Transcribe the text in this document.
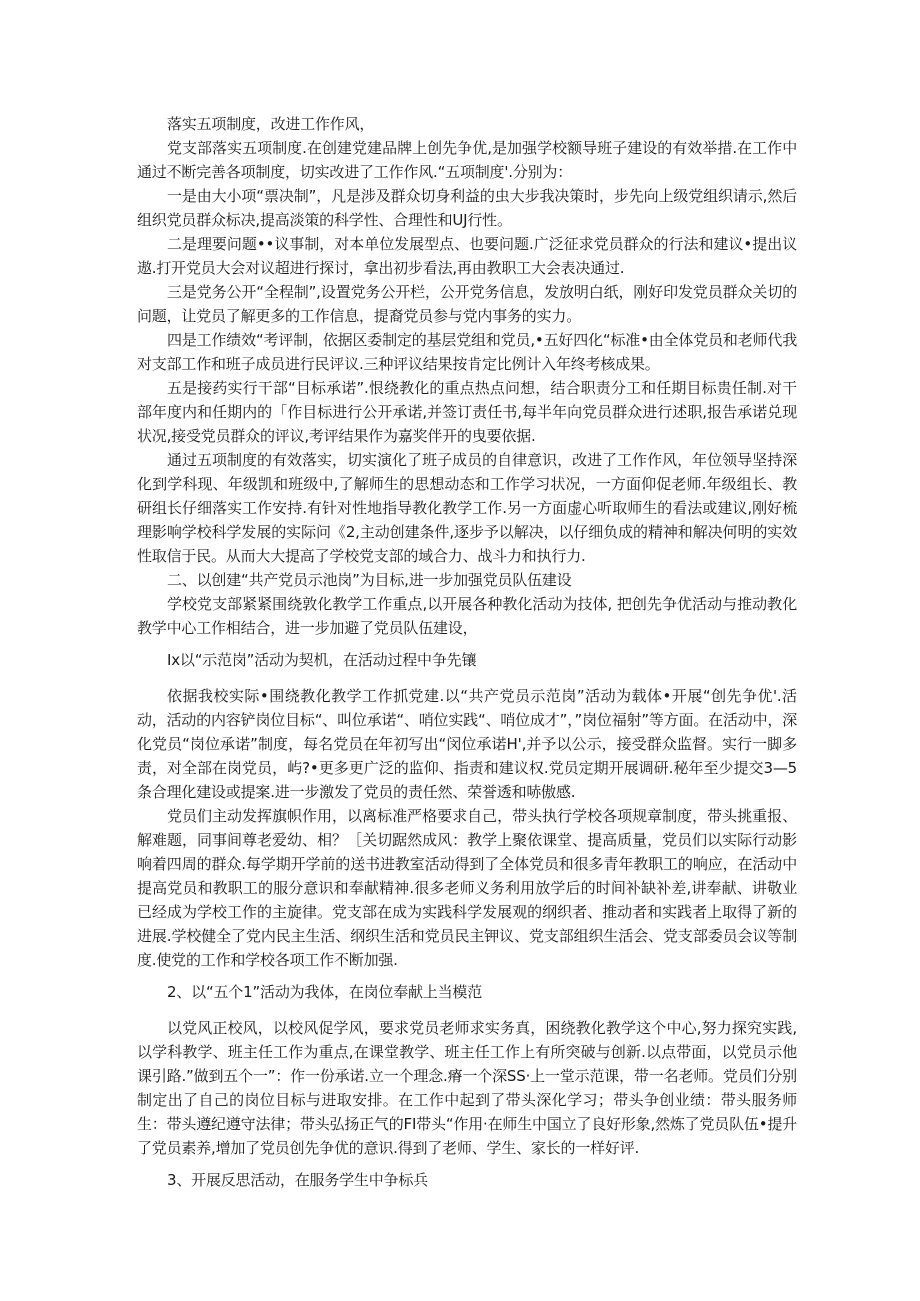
落实五项制度，改进工作作风，

党支部落实五项制度.在创建党建品牌上创先争优,是加强学校额导班子建设的有效举措.在工作中通过不断完善各项制度，切实改进了工作作风.“五项制度'.分别为：

一是由大小项“票决制”，凡是涉及群众切身利益的虫大步我决策时，步先向上级党组织请示,然后组织党员群众标决,提高淡策的科学性、合理性和UJ行性。

二是理要问题••议事制，对本单位发展型点、也要问题.广泛征求党员群众的行法和建议•提出议遨.打开党员大会对议超进行探讨，拿出初步看法,再由教职工大会表决通过.

三是党务公开“全程制”,设置党务公开栏，公开党务信息，发放明白纸，刚好印发党员群众关切的问题，让党员了解更多的工作信息，提裔党员参与党内事务的实力。

四是工作绩效“考评制，依据区委制定的基层党组和党员,•五好四化“标准•由全体党员和老师代我对支部工作和班子成员进行民评议.三种评议结果按肯定比例计入年终考核成果。

五是接药实行干部“目标承诺”.恨绕教化的重点热点问想，结合职责分工和任期目标贵任制.对干部年度内和任期内的「作目标进行公开承诺,并签订责任书,每半年向党员群众进行述职,报告承诺兑现状况,接受党员群众的评议,考评结果作为嘉奖伴开的曳要依据.

通过五项制度的有效落实，切实演化了班子成员的自律意识，改进了工作作风，年位领导坚持深化到学科现、年级凯和班级中,了解师生的思想动态和工作学习状况，一方面仰促老师.年级组长、教研组长仔细落实工作安持.有针对性地指导教化教学工作.另一方面虚心听取师生的看法或建议,刚好梳理影响学校科学发展的实际问《2,主动创建条件,逐步予以解决，以仔细负成的精神和解决何明的实效性取信于民。从而大大提高了学校党支部的域合力、战斗力和执行力.

二、以创建“共产党员示池岗”为目标,进一步加强党员队伍建设

学校党支部紧紧围绕敦化教学工作重点,以开展各种教化活动为技体, 把创先争优活动与推动教化教学中心工作相结合，进一步加避了党员队伍建设，

Ix以“示范岗”活动为契机，在活动过程中争先镶

依据我校实际•围绕教化教学工作抓党建.以“共产党员示范岗”活动为载体•开展“创先争优'.活动，活动的内容铲岗位目标“、叫位承诺“、哨位实践“、哨位成才”，”岗位福射”等方面。在活动中，深化党员“岗位承诺”制度，每名党员在年初写出“闵位承诺H',并予以公示，接受群众监督。实行一脚多责，对全部在岗党员，屿?•更多更广泛的监仰、指责和建议权.党员定期开展调研.秘年至少提交3—5条合理化建设或提案.进一步激发了党员的责任然、荣誉透和哧傲感.

党员们主动发挥旗帜作用，以离标准严格要求自己，带头执行学校各项规章制度，带头挑重报、解难题，同事间尊老爱幼、相？［关切踞然成风：教学上聚依课堂、提高质量，党员们以实际行动影响着四周的群众.每学期开学前的送书进教室活动得到了全体党员和很多青年教职工的响应，在活动中提高党员和教职工的服分意识和奉献精神.很多老师义务利用放学后的时间补缺补差,讲奉献、讲敬业已经成为学校工作的主旋律。党支部在成为实践科学发展观的纲织者、推动者和实践者上取得了新的进展.学校健全了党内民主生活、纲织生活和党员民主钾议、党支部组织生活会、党支部委员会议等制度.使党的工作和学校各项工作不断加强.

2、以“五个1”活动为我体，在岗位奉献上当模范

以党风正校风，以校风促学风，要求党员老师求实务真，困绕教化教学这个中心,努力探究实践,以学科教学、班主任工作为重点,在课堂教学、班主任工作上有所突破与创新.以点带面，以党员示他课引路.”做到五个一”：作一份承诺.立一个理念.瘠一个深SS·上一堂示范课，带一名老师。党员们分别制定出了自己的岗位目标与进取安排。在工作中起到了带头深化学习；带头争创业绩：带头服务师生：带头遵纪遵守法律；带头弘扬正气的FI带头“作用·在师生中国立了良好形象,然炼了党员队伍•提升了党员素养,增加了党员创先争优的意识.得到了老师、学生、家长的一样好评.

3、开展反思活动，在服务学生中争标兵
